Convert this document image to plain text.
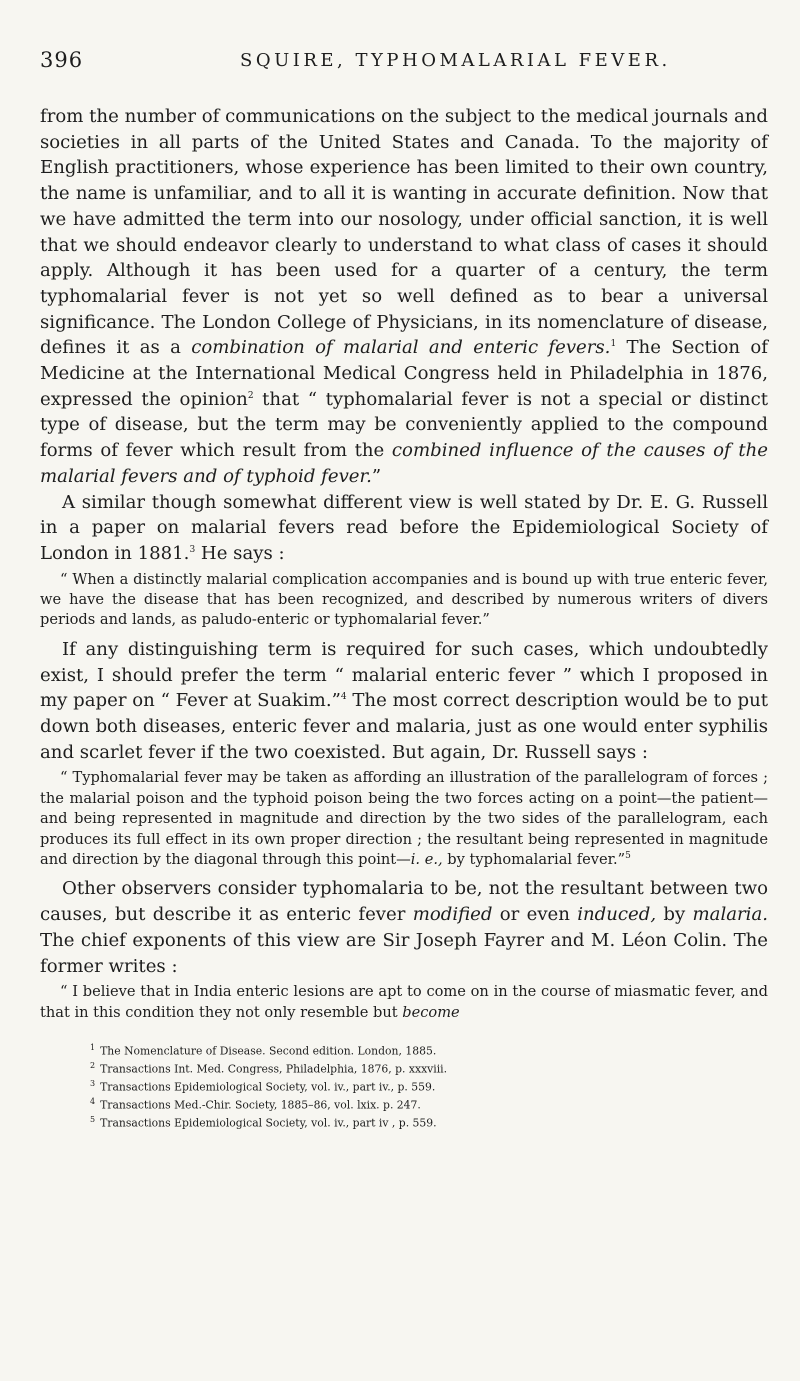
396	SQUIRE, TYPHOMALARIAL FEVER.

from the number of communications on the subject to the medical journals and societies in all parts of the United States and Canada. To the majority of English practitioners, whose experience has been limited to their own country, the name is unfamiliar, and to all it is wanting in accurate definition. Now that we have admitted the term into our nosology, under official sanction, it is well that we should endeavor clearly to understand to what class of cases it should apply. Although it has been used for a quarter of a century, the term typhomalarial fever is not yet so well defined as to bear a universal significance. The London College of Physicians, in its nomenclature of disease, defines it as a combination of malarial and enteric fevers.$^1$ The Section of Medicine at the International Medical Congress held in Philadelphia in 1876, expressed the opinion$^2$ that “ typhomalarial fever is not a special or distinct type of disease, but the term may be conveniently applied to the compound forms of fever which result from the combined influence of the causes of the malarial fevers and of typhoid fever.”

A similar though somewhat different view is well stated by Dr. E. G. Russell in a paper on malarial fevers read before the Epidemiological Society of London in 1881.$^3$ He says :

“ When a distinctly malarial complication accompanies and is bound up with true enteric fever, we have the disease that has been recognized, and described by numerous writers of divers periods and lands, as paludo-enteric or typhomalarial fever.”

If any distinguishing term is required for such cases, which undoubtedly exist, I should prefer the term “ malarial enteric fever ” which I proposed in my paper on “ Fever at Suakim.”$^4$ The most correct description would be to put down both diseases, enteric fever and malaria, just as one would enter syphilis and scarlet fever if the two coexisted. But again, Dr. Russell says :

“ Typhomalarial fever may be taken as affording an illustration of the parallelogram of forces ; the malarial poison and the typhoid poison being the two forces acting on a point—the patient—and being represented in magnitude and direction by the two sides of the parallelogram, each produces its full effect in its own proper direction ; the resultant being represented in magnitude and direction by the diagonal through this point—i. e., by typhomalarial fever.”$^5$

Other observers consider typhomalaria to be, not the resultant between two causes, but describe it as enteric fever modified or even induced, by malaria. The chief exponents of this view are Sir Joseph Fayrer and M. Léon Colin. The former writes :

“ I believe that in India enteric lesions are apt to come on in the course of miasmatic fever, and that in this condition they not only resemble but become

$^1$ The Nomenclature of Disease. Second edition. London, 1885.

$^2$ Transactions Int. Med. Congress, Philadelphia, 1876, p. xxxviii.

$^3$ Transactions Epidemiological Society, vol. iv., part iv., p. 559.

$^4$ Transactions Med.-Chir. Society, 1885–86, vol. lxix. p. 247.

$^5$ Transactions Epidemiological Society, vol. iv., part iv , p. 559.
